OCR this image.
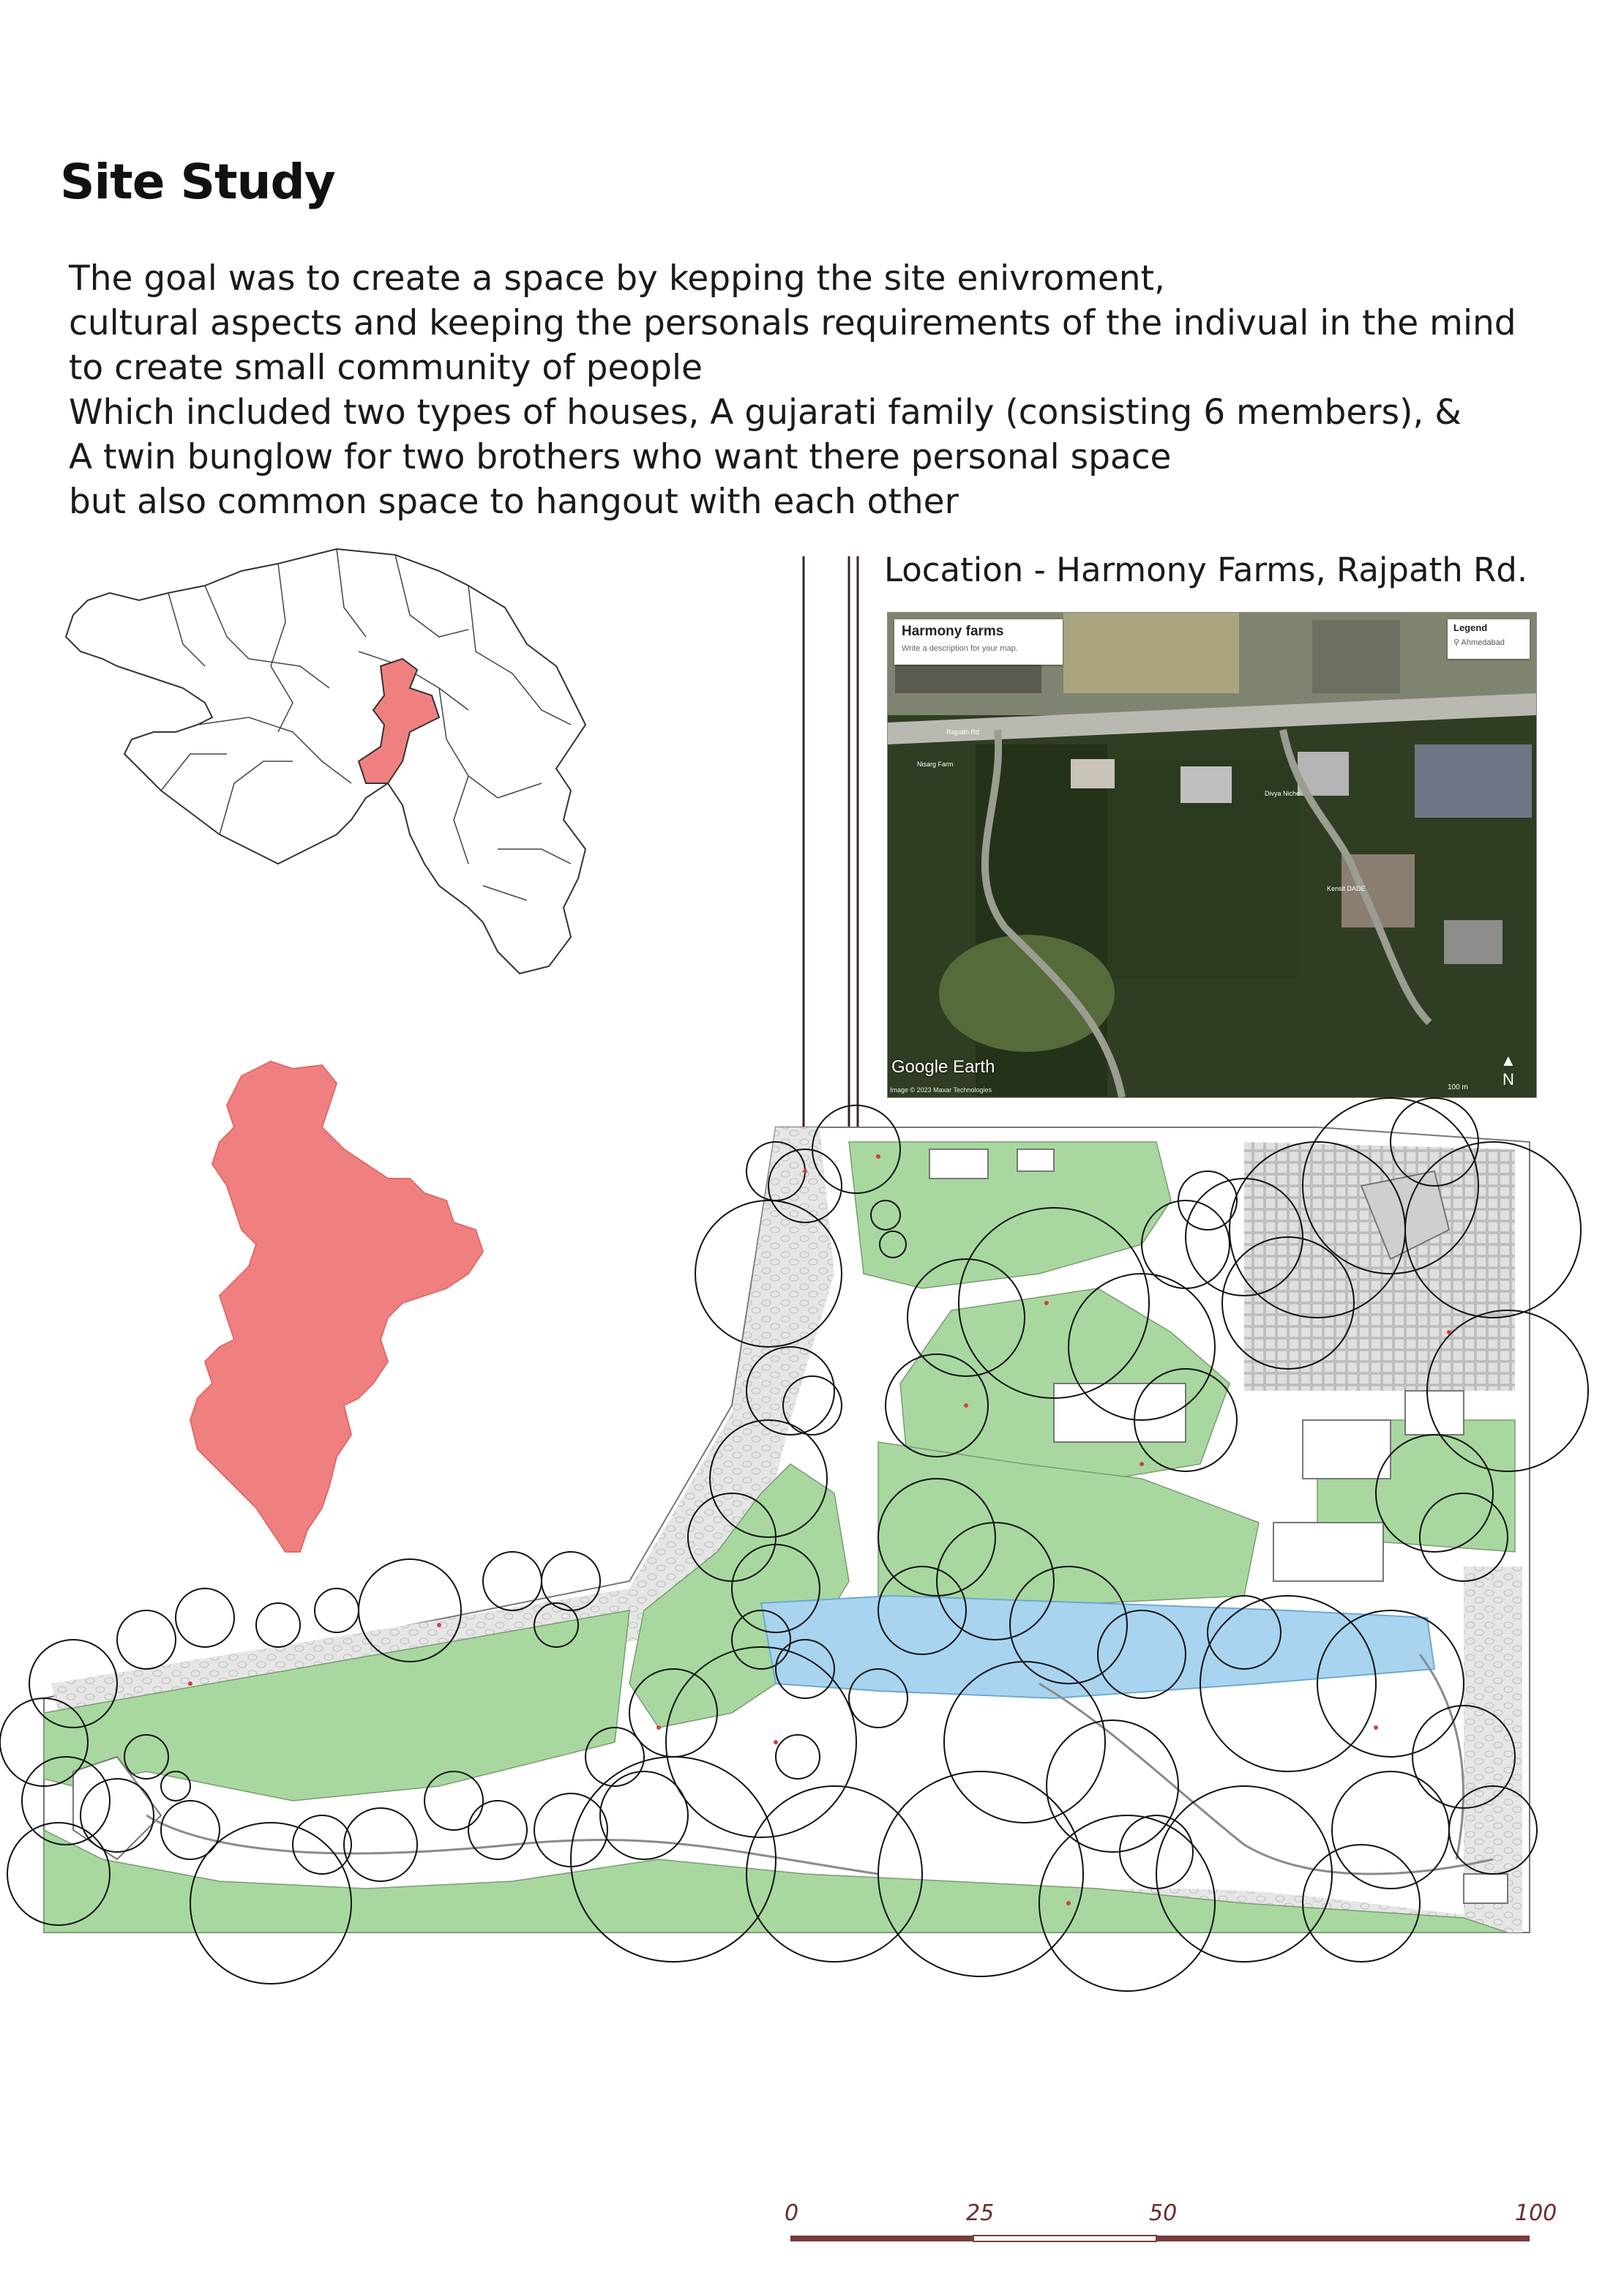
Site Study
The goal was to create a space by kepping the site enivroment,
cultural aspects and keeping the personals requirements of the indivual in the mind
to create small community of people
Which included two types of houses, A gujarati family (consisting 6 members), &
A twin bunglow for two brothers who want there personal space
but also common space to hangout with each other
Rajpath Rd
Nisarg Farm
Divya Niche
Kensit DADE
Harmony farms
Write a description for your map.
Legend
⚲ Ahmedabad
Google Earth
Image © 2023 Maxar Technologies	100 m
▲
N
Location - Harmony Farms, Rajpath Rd.
0	25	50	100
